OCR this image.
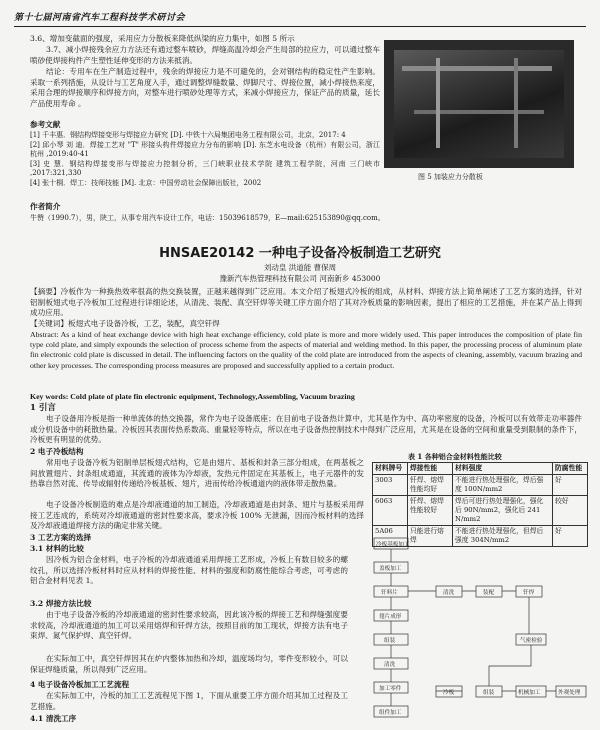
第十七届河南省汽车工程科技学术研讨会
3.6、增加变截面的强度，采用应力分散板来降低纵梁的应力集中，如图 5 所示
3.7、减小焊接残余应力方法还有通过整车喷砂，焊缝高温冷却会产生局部的拉应力，可以通过整车喷砂使焊接构件产生塑性延伸变形的方法来抵消。
结论：专用车在生产制造过程中，残余的焊接应力是不可避免的，会对钢结构的稳定性产生影响。采取一系列措施，从设计与工艺角度入手，通过调整焊缝数量、焊脚尺寸、焊接位置，减小焊接热来度，采用合理的焊接顺序和焊接方向，对整车进行喷砂处理等方式，来减小焊接应力，保证产品的质量，延长产品使用寿命 。
参考文献
[1] 千丰惠．钢结构焊接变形与焊接应力研究 [D]. 中铁十六局集团电务工程有限公司，北京，2017: 4
[2] 邱小琴 刘 迪．焊接工艺对 "T" 形接头构件焊接应力分布的影响 [D]. 东芝水电设备（杭州）有限公司，浙江 杭州 ,2019:40-41
[3] 史 慧．钢结构焊接变形与焊接应力控制分析，三门峡职业技术学院 建筑工程学院，河南 三门峡市 ,2017:321,330
[4] 张十桐．焊工：技师技能 [M]. 北京：中国劳动社会保障出版社，2002
作者简介
牛赞（1990.7），男，陕工，从事专用汽车设计工作，电话：15039618579，E—mail:625153890@qq.com。
图 5 加装应力分散板
HNSAE20142 一种电子设备冷板制造工艺研究
刘动皇 洪道能 曹保周
豫新汽车热管理科技有限公司 河南新乡 453000
【摘要】冷板作为一种换热效率很高的热交换装置，正越来越得到广泛应用。本文介绍了板翅式冷板的组成，从材料、焊接方法上简单阐述了工艺方案的选择，针对铝制板翅式电子冷板加工过程进行详细论述，从清洗、装配、真空钎焊等关键工序方面介绍了其对冷板质量的影响因素，提出了相应的工艺措施，并在某产品上得到成功应用。
【关键词】板翅式电子设备冷板，工艺，装配，真空钎焊
Abstract: As a kind of heat exchange device with high heat exchange efficiency, cold plate is more and more widely used. This paper introduces the composition of plate fin type cold plate, and simply expounds the selection of process scheme from the aspects of material and welding method. In this paper, the processing process of aluminum plate fin electronic cold plate is discussed in detail. The influencing factors on the quality of the cold plate are introduced from the aspects of cleaning, assembly, vacuum brazing and other key processes. The corresponding process measures are proposed and successfully applied to a certain product.
Key words: Cold plate of plate fin electronic equipment, Technology,Assembling, Vacuum brazing
1 引言
电子设备用冷板是指一种单流体的热交换器，常作为电子设备底座；在目前电子设备热计算中，尤其是作为中、高功率密度的设备，冷板可以有效带走功率器件或分机设备中的耗散热量。冷板因其表面传热系数高、重量轻等特点，所以在电子设备热控制技术中得到广泛应用，尤其是在设备的空间和重量受到限制的条件下，冷板更有明显的优势。
2 电子冷板结构
常用电子设备冷板为铝制单层板翅式结构，它是由翅片、基板和封条三部分组成，在两基板之间放置翅片、封条组成通道，其流通的液体为冷却液，发热元件固定在其基板上，电子元器件的发热靠自然对流、传导或辐射传递给冷板基板、翅片，进而传给冷板通道内的液体带走散热量。
电子设备冷板制造的难点是冷却液通道的加工制造，冷却液通道是由封条、翅片与基板采用焊接工艺连成的，系统对冷却液通道的密封性要求高，要求冷板 100% 无泄漏，因而冷板材料的选择及冷却液通道焊接方法的确定非常关键。
3 工艺方案的选择
3.1 材料的比较
因冷板为铝合金材料，电子冷板的冷却液通道采用焊接工艺形成，冷板上有数目较多的螺纹孔，所以选择冷板材料时应从材料的焊接性能、材料的强度和防腐性能综合考虑，可考虑的铝合金材料见表 1。
3.2 焊接方法比较
由于电子设备冷板的冷却液通道的密封性要求较高，因此该冷板的焊接工艺和焊缝强度要求较高，冷却液通道的加工可以采用熔焊和钎焊方法，按照目前的加工现状，焊接方法有电子束焊、氮气保护焊、真空钎焊。
在实际加工中，真空钎焊因其在炉内整体加热和冷却，温度场均匀，零件变形较小，可以保证焊缝质量，所以得到广泛应用。
4 电子设备冷板加工工艺流程
在实际加工中，冷板的加工工艺流程见下图 1，下面从重要工序方面介绍其加工过程及工艺措施。
4.1 清洗工序
表 1 各种铝合金材料性能比较
材料牌号	焊接性能	材料强度	防腐性能
3003	钎焊、熔焊性能均好	不能进行热处理强化，焊后强度 100N/mm2	好
6063	钎焊、熔焊性能较好	焊后可进行热处理强化，强化后 90N/mm2，强化后 241 N/mm2	较好
5A06	只能进行熔焊	不能进行热处理强化，但焊后强度 304N/mm2	好
冷板基板加工
盖板加工
钎料片
翅片成形
组装
清洗
加工零件
组件加工
清洗	装配	钎焊
气密检验
组装	机械加工	外观处理
冷板
